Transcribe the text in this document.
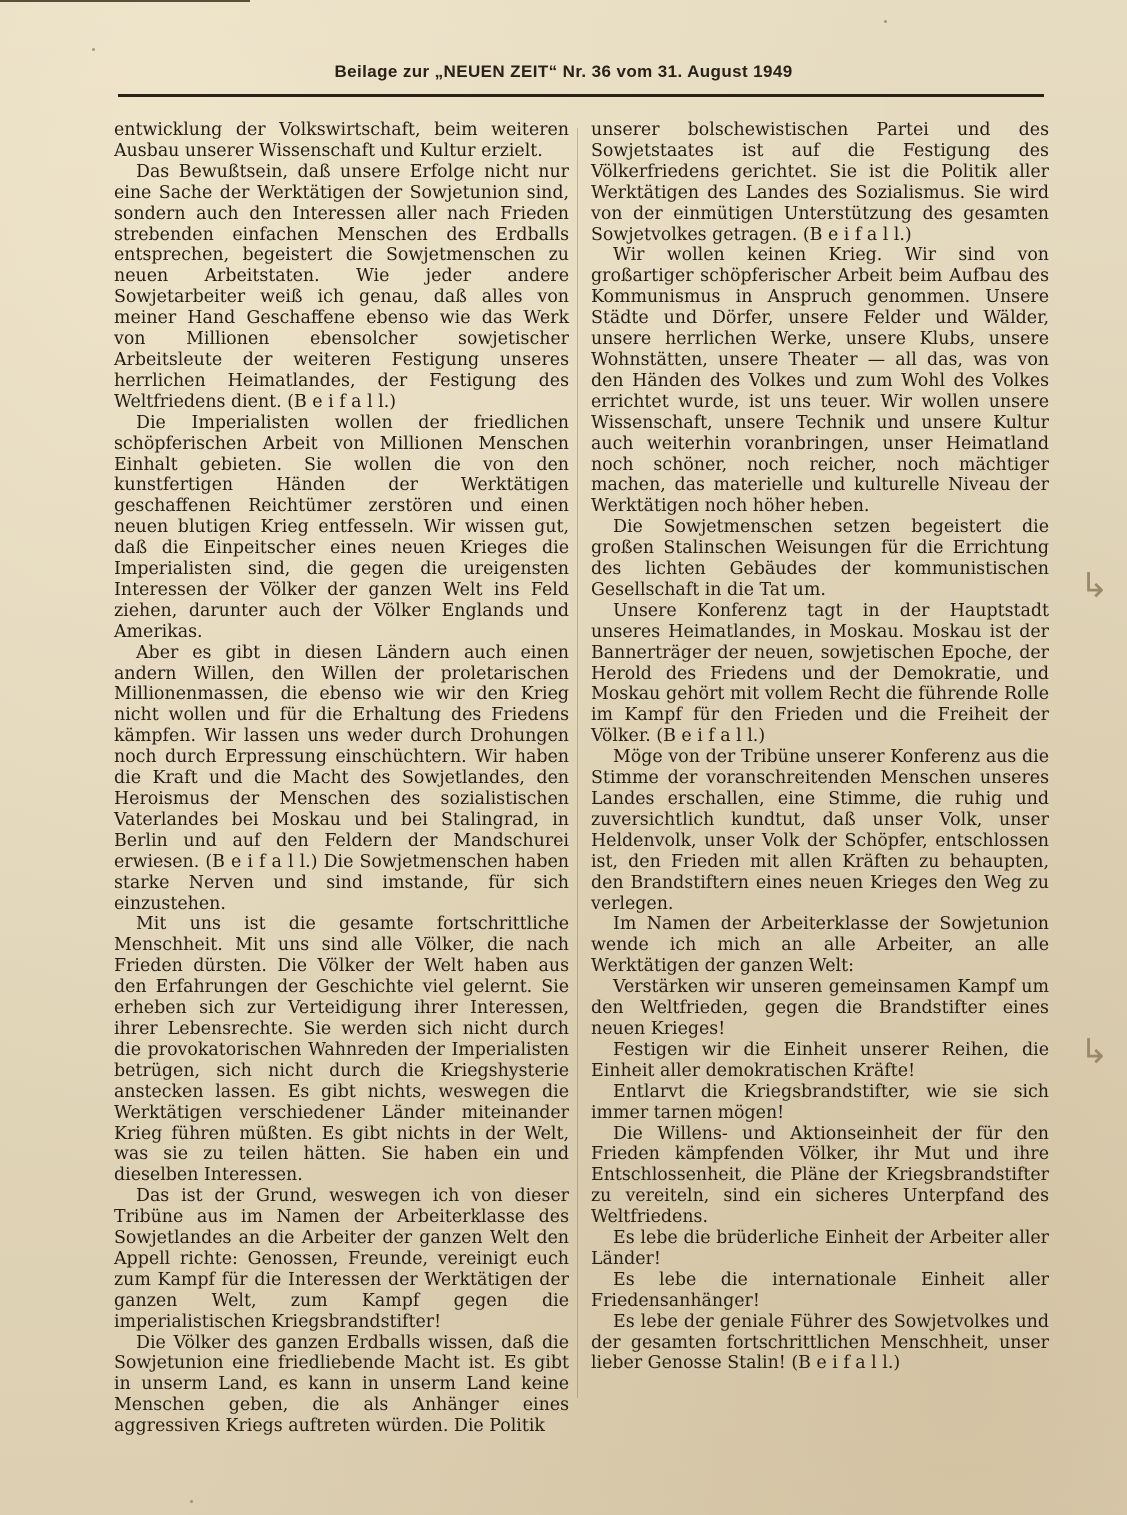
Beilage zur „NEUEN ZEIT“ Nr. 36 vom 31. August 1949

entwicklung der Volkswirtschaft, beim weiteren Ausbau unserer Wissenschaft und Kultur erzielt.

Das Bewußtsein, daß unsere Erfolge nicht nur eine Sache der Werktätigen der Sowjetunion sind, sondern auch den Interessen aller nach Frieden strebenden einfachen Menschen des Erdballs entsprechen, begeistert die Sowjetmenschen zu neuen Arbeitstaten. Wie jeder andere Sowjetarbeiter weiß ich genau, daß alles von meiner Hand Geschaffene ebenso wie das Werk von Millionen ebensolcher sowjetischer Arbeitsleute der weiteren Festigung unseres herrlichen Heimatlandes, der Festigung des Weltfriedens dient. (B e i f a l l.)

Die Imperialisten wollen der friedlichen schöpferischen Arbeit von Millionen Menschen Einhalt gebieten. Sie wollen die von den kunstfertigen Händen der Werktätigen geschaffenen Reichtümer zerstören und einen neuen blutigen Krieg entfesseln. Wir wissen gut, daß die Einpeitscher eines neuen Krieges die Imperialisten sind, die gegen die ureigensten Interessen der Völker der ganzen Welt ins Feld ziehen, darunter auch der Völker Englands und Amerikas.

Aber es gibt in diesen Ländern auch einen andern Willen, den Willen der proletarischen Millionenmassen, die ebenso wie wir den Krieg nicht wollen und für die Erhaltung des Friedens kämpfen. Wir lassen uns weder durch Drohungen noch durch Erpressung einschüchtern. Wir haben die Kraft und die Macht des Sowjetlandes, den Heroismus der Menschen des sozialistischen Vaterlandes bei Moskau und bei Stalingrad, in Berlin und auf den Feldern der Mandschurei erwiesen. (B e i f a l l.) Die Sowjetmenschen haben starke Nerven und sind imstande, für sich einzustehen.

Mit uns ist die gesamte fortschrittliche Menschheit. Mit uns sind alle Völker, die nach Frieden dürsten. Die Völker der Welt haben aus den Erfahrungen der Geschichte viel gelernt. Sie erheben sich zur Verteidigung ihrer Interessen, ihrer Lebensrechte. Sie werden sich nicht durch die provokatorischen Wahnreden der Imperialisten betrügen, sich nicht durch die Kriegshysterie anstecken lassen. Es gibt nichts, weswegen die Werktätigen verschiedener Länder miteinander Krieg führen müßten. Es gibt nichts in der Welt, was sie zu teilen hätten. Sie haben ein und dieselben Interessen.

Das ist der Grund, weswegen ich von dieser Tribüne aus im Namen der Arbeiterklasse des Sowjetlandes an die Arbeiter der ganzen Welt den Appell richte: Genossen, Freunde, vereinigt euch zum Kampf für die Interessen der Werktätigen der ganzen Welt, zum Kampf gegen die imperialistischen Kriegsbrandstifter!

Die Völker des ganzen Erdballs wissen, daß die Sowjetunion eine friedliebende Macht ist. Es gibt in unserm Land, es kann in unserm Land keine Menschen geben, die als Anhänger eines aggressiven Kriegs auftreten würden. Die Politik

unserer bolschewistischen Partei und des Sowjetstaates ist auf die Festigung des Völkerfriedens gerichtet. Sie ist die Politik aller Werktätigen des Landes des Sozialismus. Sie wird von der einmütigen Unterstützung des gesamten Sowjetvolkes getragen. (B e i f a l l.)

Wir wollen keinen Krieg. Wir sind von großartiger schöpferischer Arbeit beim Aufbau des Kommunismus in Anspruch genommen. Unsere Städte und Dörfer, unsere Felder und Wälder, unsere herrlichen Werke, unsere Klubs, unsere Wohnstätten, unsere Theater — all das, was von den Händen des Volkes und zum Wohl des Volkes errichtet wurde, ist uns teuer. Wir wollen unsere Wissenschaft, unsere Technik und unsere Kultur auch weiterhin voranbringen, unser Heimatland noch schöner, noch reicher, noch mächtiger machen, das materielle und kulturelle Niveau der Werktätigen noch höher heben.

Die Sowjetmenschen setzen begeistert die großen Stalinschen Weisungen für die Errichtung des lichten Gebäudes der kommunistischen Gesellschaft in die Tat um.

Unsere Konferenz tagt in der Hauptstadt unseres Heimatlandes, in Moskau. Moskau ist der Bannerträger der neuen, sowjetischen Epoche, der Herold des Friedens und der Demokratie, und Moskau gehört mit vollem Recht die führende Rolle im Kampf für den Frieden und die Freiheit der Völker. (B e i f a l l.)

Möge von der Tribüne unserer Konferenz aus die Stimme der voranschreitenden Menschen unseres Landes erschallen, eine Stimme, die ruhig und zuversichtlich kundtut, daß unser Volk, unser Heldenvolk, unser Volk der Schöpfer, entschlossen ist, den Frieden mit allen Kräften zu behaupten, den Brandstiftern eines neuen Krieges den Weg zu verlegen.

Im Namen der Arbeiterklasse der Sowjetunion wende ich mich an alle Arbeiter, an alle Werktätigen der ganzen Welt:

Verstärken wir unseren gemeinsamen Kampf um den Weltfrieden, gegen die Brandstifter eines neuen Krieges!

Festigen wir die Einheit unserer Reihen, die Einheit aller demokratischen Kräfte!

Entlarvt die Kriegsbrandstifter, wie sie sich immer tarnen mögen!

Die Willens- und Aktionseinheit der für den Frieden kämpfenden Völker, ihr Mut und ihre Entschlossenheit, die Pläne der Kriegsbrandstifter zu vereiteln, sind ein sicheres Unterpfand des Weltfriedens.

Es lebe die brüderliche Einheit der Arbeiter aller Länder!

Es lebe die internationale Einheit aller Friedensanhänger!

Es lebe der geniale Führer des Sowjetvolkes und der gesamten fortschrittlichen Menschheit, unser lieber Genosse Stalin! (B e i f a l l.)

↳
↳
